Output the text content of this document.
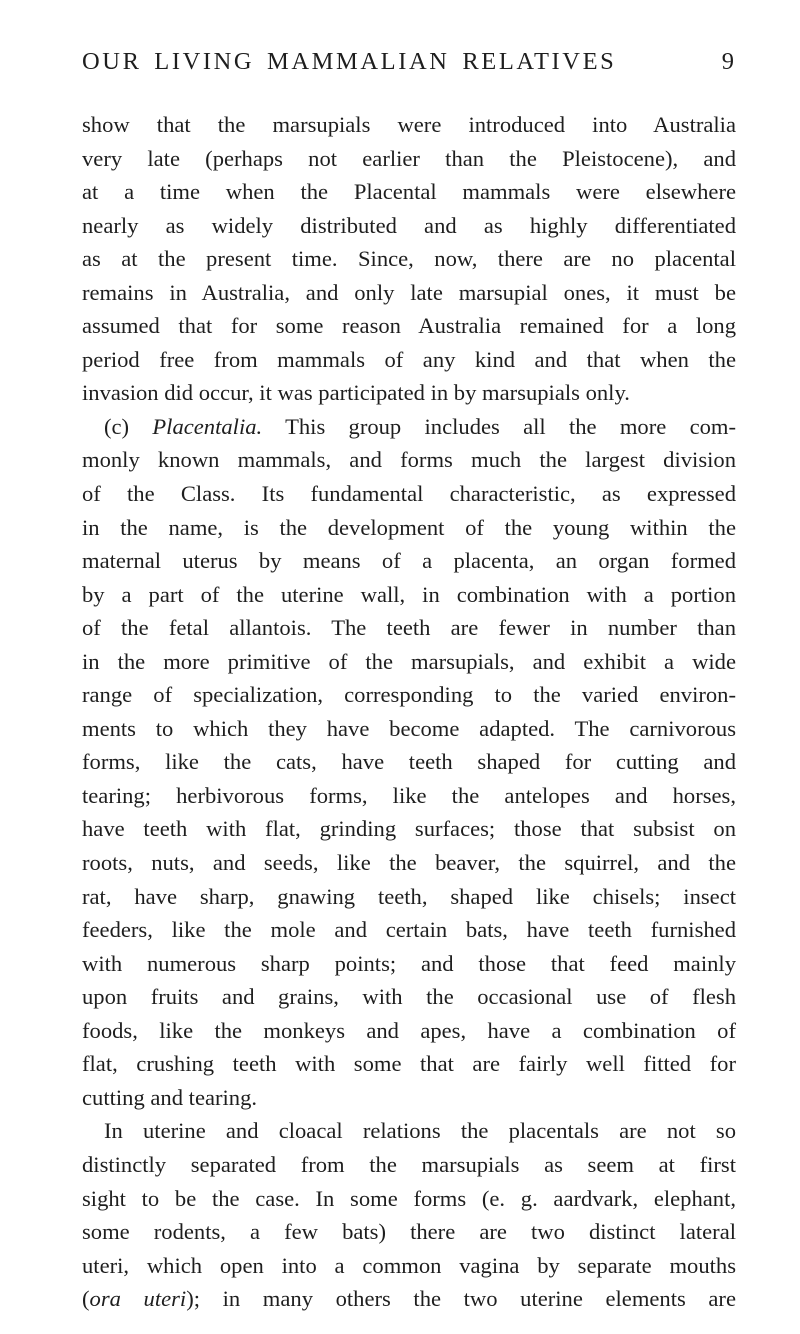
OUR LIVING MAMMALIAN RELATIVES	9
show that the marsupials were introduced into Australia
very late (perhaps not earlier than the Pleistocene), and
at a time when the Placental mammals were elsewhere
nearly as widely distributed and as highly differentiated
as at the present time. Since, now, there are no placental
remains in Australia, and only late marsupial ones, it must be
assumed that for some reason Australia remained for a long
period free from mammals of any kind and that when the
invasion did occur, it was participated in by marsupials only.
(c) Placentalia. This group includes all the more com-
monly known mammals, and forms much the largest division
of the Class. Its fundamental characteristic, as expressed
in the name, is the development of the young within the
maternal uterus by means of a placenta, an organ formed
by a part of the uterine wall, in combination with a portion
of the fetal allantois. The teeth are fewer in number than
in the more primitive of the marsupials, and exhibit a wide
range of specialization, corresponding to the varied environ-
ments to which they have become adapted. The carnivorous
forms, like the cats, have teeth shaped for cutting and
tearing; herbivorous forms, like the antelopes and horses,
have teeth with flat, grinding surfaces; those that subsist on
roots, nuts, and seeds, like the beaver, the squirrel, and the
rat, have sharp, gnawing teeth, shaped like chisels; insect
feeders, like the mole and certain bats, have teeth furnished
with numerous sharp points; and those that feed mainly
upon fruits and grains, with the occasional use of flesh
foods, like the monkeys and apes, have a combination of
flat, crushing teeth with some that are fairly well fitted for
cutting and tearing.
In uterine and cloacal relations the placentals are not so
distinctly separated from the marsupials as seem at first
sight to be the case. In some forms (e. g. aardvark, elephant,
some rodents, a few bats) there are two distinct lateral
uteri, which open into a common vagina by separate mouths
(ora uteri); in many others the two uterine elements are
